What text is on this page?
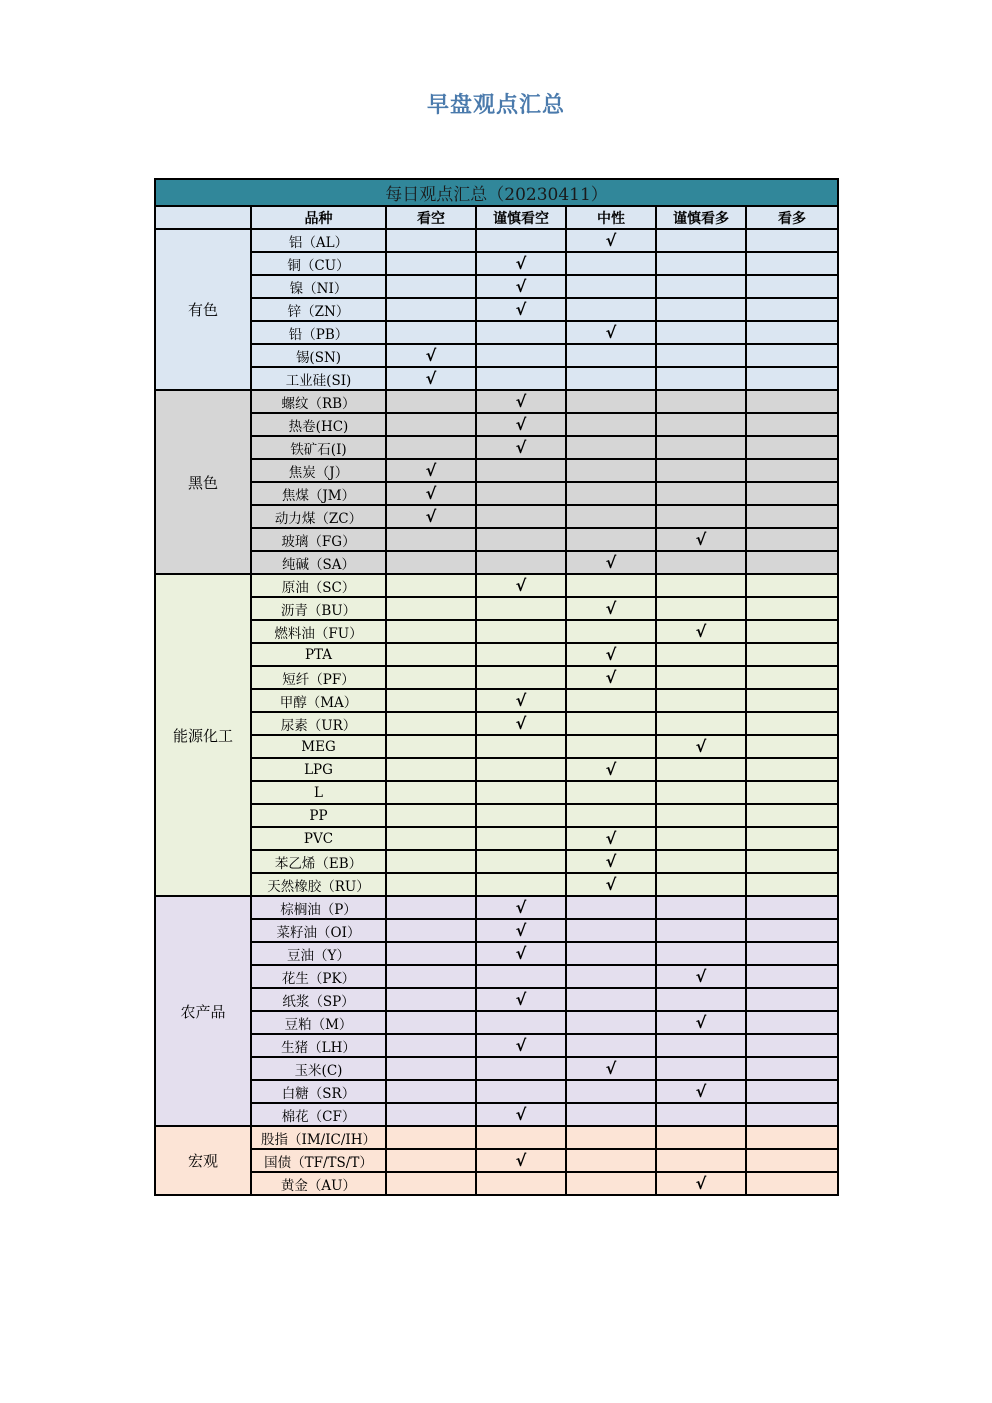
早盘观点汇总
每日观点汇总（20230411）						
	品种	看空	谨慎看空	中性	谨慎看多	看多
有色	铝（AL）			√		
	铜（CU）		√			
	镍（NI）		√			
	锌（ZN）		√			
	铅（PB）			√		
	锡(SN)	√				
	工业硅(SI)	√				
黑色	螺纹（RB）		√			
	热卷(HC)		√			
	铁矿石(I)		√			
	焦炭（J）	√				
	焦煤（JM）	√				
	动力煤（ZC）	√				
	玻璃（FG）				√	
	纯碱（SA）			√		
能源化工	原油（SC）		√			
	沥青（BU）			√		
	燃料油（FU）				√	
	PTA			√		
	短纤（PF）			√		
	甲醇（MA）		√			
	尿素（UR）		√			
	MEG				√	
	LPG			√		
	L					
	PP					
	PVC			√		
	苯乙烯（EB）			√		
	天然橡胶（RU）			√		
农产品	棕榈油（P）		√			
	菜籽油（OI）		√			
	豆油（Y）		√			
	花生（PK）				√	
	纸浆（SP）		√			
	豆粕（M）				√	
	生猪（LH）		√			
	玉米(C)			√		
	白糖（SR）				√	
	棉花（CF）		√			
宏观	股指（IM/IC/IH）					
	国债（TF/TS/T）		√			
	黄金（AU）				√	
